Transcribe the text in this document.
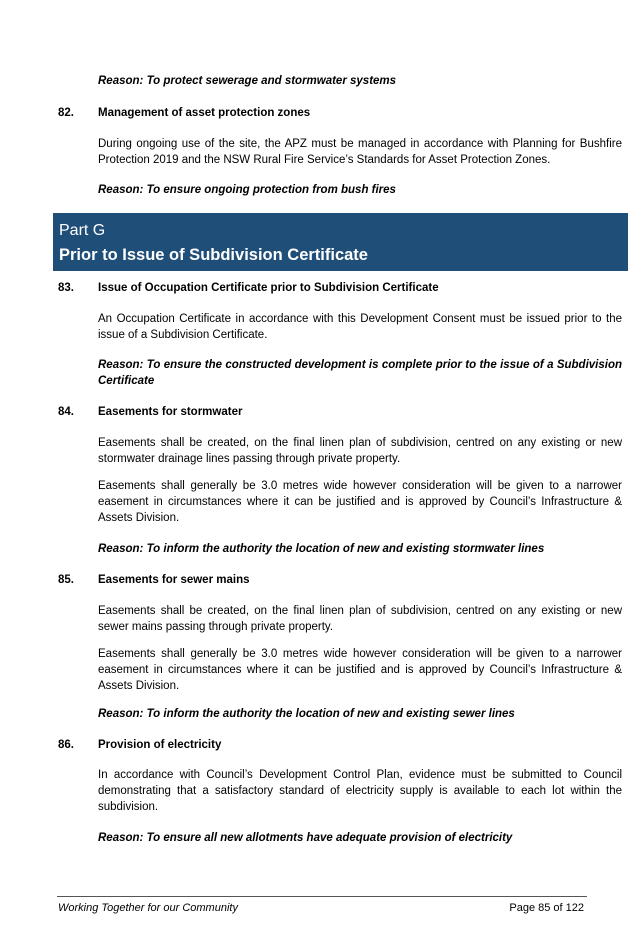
Reason: To protect sewerage and stormwater systems
82. Management of asset protection zones
During ongoing use of the site, the APZ must be managed in accordance with Planning for Bushfire Protection 2019 and the NSW Rural Fire Service’s Standards for Asset Protection Zones.
Reason: To ensure ongoing protection from bush fires
Part G
Prior to Issue of Subdivision Certificate
83. Issue of Occupation Certificate prior to Subdivision Certificate
An Occupation Certificate in accordance with this Development Consent must be issued prior to the issue of a Subdivision Certificate.
Reason: To ensure the constructed development is complete prior to the issue of a Subdivision Certificate
84. Easements for stormwater
Easements shall be created, on the final linen plan of subdivision, centred on any existing or new stormwater drainage lines passing through private property.
Easements shall generally be 3.0 metres wide however consideration will be given to a narrower easement in circumstances where it can be justified and is approved by Council’s Infrastructure & Assets Division.
Reason: To inform the authority the location of new and existing stormwater lines
85. Easements for sewer mains
Easements shall be created, on the final linen plan of subdivision, centred on any existing or new sewer mains passing through private property.
Easements shall generally be 3.0 metres wide however consideration will be given to a narrower easement in circumstances where it can be justified and is approved by Council’s Infrastructure & Assets Division.
Reason: To inform the authority the location of new and existing sewer lines
86. Provision of electricity
In accordance with Council’s Development Control Plan, evidence must be submitted to Council demonstrating that a satisfactory standard of electricity supply is available to each lot within the subdivision.
Reason: To ensure all new allotments have adequate provision of electricity
Working Together for our Community	Page 85 of 122
